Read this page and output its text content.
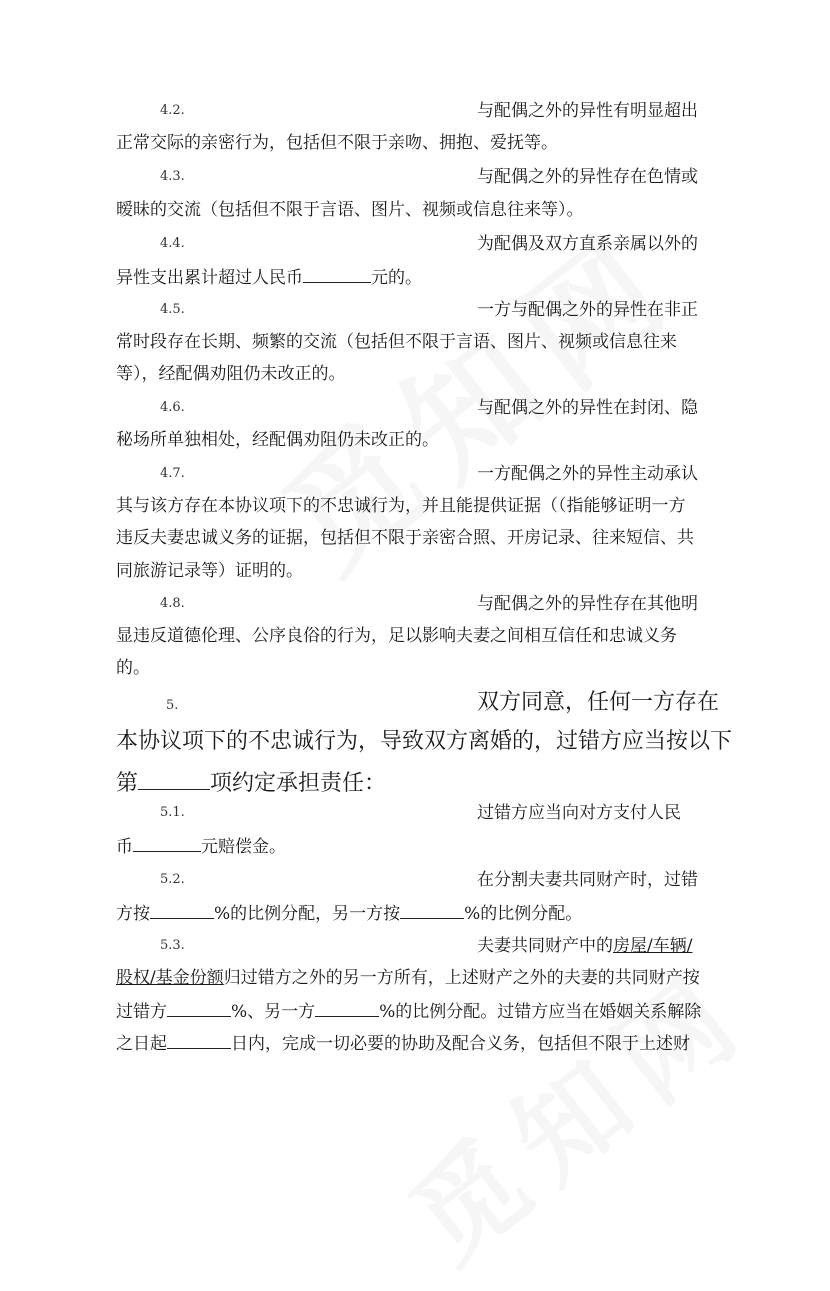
4.2.	与配偶之外的异性有明显超出
正常交际的亲密行为，包括但不限于亲吻、拥抱、爱抚等。
4.3.	与配偶之外的异性存在色情或
暧昧的交流（包括但不限于言语、图片、视频或信息往来等）。
4.4.	为配偶及双方直系亲属以外的
异性支出累计超过人民币	元的。
4.5.	一方与配偶之外的异性在非正
常时段存在长期、频繁的交流（包括但不限于言语、图片、视频或信息往来
等），经配偶劝阻仍未改正的。
4.6.	与配偶之外的异性在封闭、隐
秘场所单独相处，经配偶劝阻仍未改正的。
4.7.	一方配偶之外的异性主动承认
其与该方存在本协议项下的不忠诚行为，并且能提供证据（（指能够证明一方
违反夫妻忠诚义务的证据，包括但不限于亲密合照、开房记录、往来短信、共
同旅游记录等）证明的。
4.8.	与配偶之外的异性存在其他明
显违反道德伦理、公序良俗的行为，足以影响夫妻之间相互信任和忠诚义务
的。
5.	双方同意，任何一方存在
本协议项下的不忠诚行为，导致双方离婚的，过错方应当按以下
第	项约定承担责任：
5.1.	过错方应当向对方支付人民
币	元赔偿金。
5.2.	在分割夫妻共同财产时，过错
方按	%的比例分配，另一方按	%的比例分配。
5.3.	夫妻共同财产中的房屋/车辆/
股权/基金份额归过错方之外的另一方所有，上述财产之外的夫妻的共同财产按
过错方	%、另一方	%的比例分配。过错方应当在婚姻关系解除
之日起	日内，完成一切必要的协助及配合义务，包括但不限于上述财
